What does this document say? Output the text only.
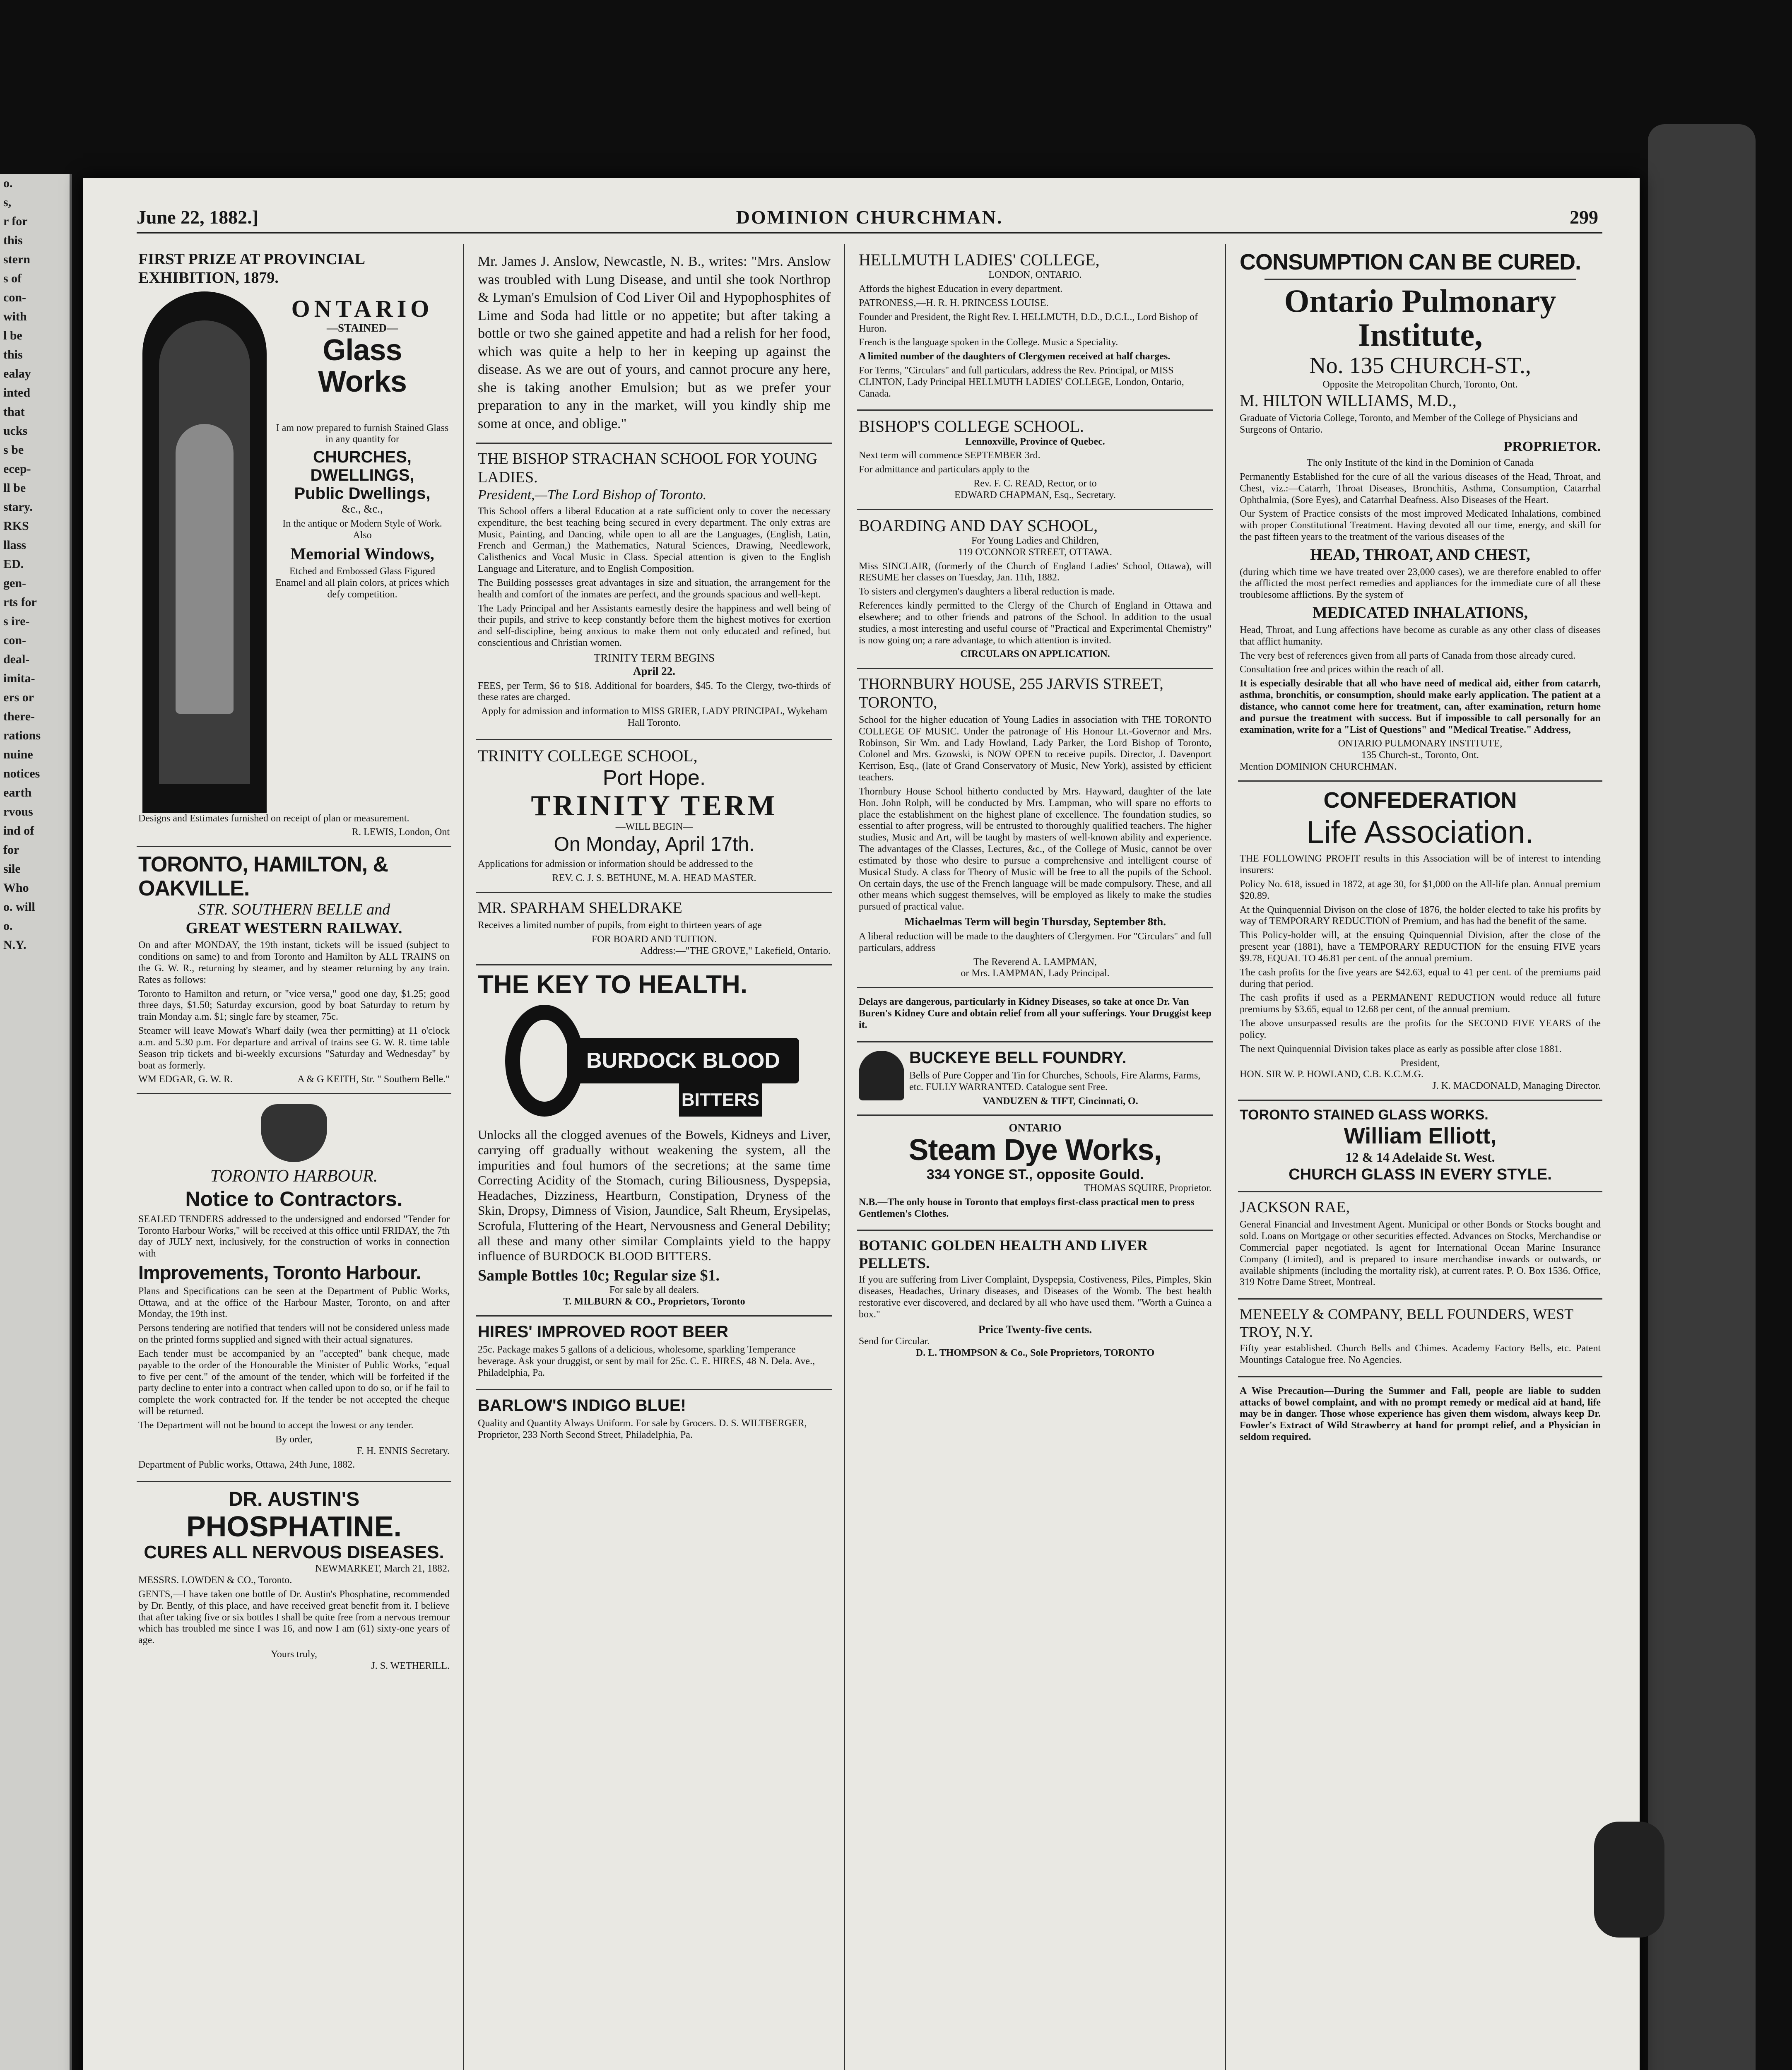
o.
s,
r for
this
stern
s of
con-
with
l be
this
ealay
inted
that
ucks
s be
ecep-
ll be
stary.
RKS
llass
ED.
gen-
rts for
s ire-
con-
deal-
imita-
ers or
there-
rations
nuine
notices
earth
rvous
ind of
for
sile
Who
o. will
o.
N.Y.
June 22, 1882.]	DOMINION CHURCHMAN.	299
FIRST PRIZE AT PROVINCIAL EXHIBITION, 1879.
ONTARIO
—STAINED—
Glass Works

I am now prepared to furnish Stained Glass in any quantity for

CHURCHES,
DWELLINGS,
Public Dwellings,
&c., &c.,

In the antique or Modern Style of Work. Also

Memorial Windows,

Etched and Embossed Glass Figured Enamel and all plain colors, at prices which defy competition.

Designs and Estimates furnished on receipt of plan or measurement.

R. LEWIS, London, Ont
TORONTO, HAMILTON, & OAKVILLE.
STR. SOUTHERN BELLE and
GREAT WESTERN RAILWAY.

On and after MONDAY, the 19th instant, tickets will be issued (subject to conditions on same) to and from Toronto and Hamilton by ALL TRAINS on the G. W. R., returning by steamer, and by steamer returning by any train. Rates as follows:

Toronto to Hamilton and return, or "vice versa," good one day, $1.25; good three days, $1.50; Saturday excursion, good by boat Saturday to return by train Monday a.m. $1; single fare by steamer, 75c.

Steamer will leave Mowat's Wharf daily (wea ther permitting) at 11 o'clock a.m. and 5.30 p.m. For departure and arrival of trains see G. W. R. time table Season trip tickets and bi-weekly excursions "Saturday and Wednesday" by boat as formerly.

WM EDGAR, G. W. R.	A & G KEITH, Str. " Southern Belle."
TORONTO HARBOUR.
Notice to Contractors.

SEALED TENDERS addressed to the undersigned and endorsed "Tender for Toronto Harbour Works," will be received at this office until FRIDAY, the 7th day of JULY next, inclusively, for the construction of works in connection with

Improvements, Toronto Harbour.

Plans and Specifications can be seen at the Department of Public Works, Ottawa, and at the office of the Harbour Master, Toronto, on and after Monday, the 19th inst.

Persons tendering are notified that tenders will not be considered unless made on the printed forms supplied and signed with their actual signatures.

Each tender must be accompanied by an "accepted" bank cheque, made payable to the order of the Honourable the Minister of Public Works, "equal to five per cent." of the amount of the tender, which will be forfeited if the party decline to enter into a contract when called upon to do so, or if he fail to complete the work contracted for. If the tender be not accepted the cheque will be returned.

The Department will not be bound to accept the lowest or any tender.

By order,
F. H. ENNIS Secretary.

Department of Public works, Ottawa, 24th June, 1882.

DR. AUSTIN'S
PHOSPHATINE.
CURES ALL NERVOUS DISEASES.
NEWMARKET, March 21, 1882.
MESSRS. LOWDEN & CO., Toronto.

GENTS,—I have taken one bottle of Dr. Austin's Phosphatine, recommended by Dr. Bently, of this place, and have received great benefit from it. I believe that after taking five or six bottles I shall be quite free from a nervous tremour which has troubled me since I was 16, and now I am (61) sixty-one years of age.

Yours truly,
J. S. WETHERILL.

Mr. James J. Anslow, Newcastle, N. B., writes: "Mrs. Anslow was troubled with Lung Disease, and until she took Northrop & Lyman's Emulsion of Cod Liver Oil and Hypophosphites of Lime and Soda had little or no appetite; but after taking a bottle or two she gained appetite and had a relish for her food, which was quite a help to her in keeping up against the disease. As we are out of yours, and cannot procure any here, she is taking another Emulsion; but as we prefer your preparation to any in the market, will you kindly ship me some at once, and oblige."

THE BISHOP STRACHAN SCHOOL FOR YOUNG LADIES.
President,—The Lord Bishop of Toronto.

This School offers a liberal Education at a rate sufficient only to cover the necessary expenditure, the best teaching being secured in every department. The only extras are Music, Painting, and Dancing, while open to all are the Languages, (English, Latin, French and German,) the Mathematics, Natural Sciences, Drawing, Needlework, Calisthenics and Vocal Music in Class. Special attention is given to the English Language and Literature, and to English Composition.

The Building possesses great advantages in size and situation, the arrangement for the health and comfort of the inmates are perfect, and the grounds spacious and well-kept.

The Lady Principal and her Assistants earnestly desire the happiness and well being of their pupils, and strive to keep constantly before them the highest motives for exertion and self-discipline, being anxious to make them not only educated and refined, but conscientious and Christian women.

TRINITY TERM BEGINS
April 22.

FEES, per Term, $6 to $18. Additional for boarders, $45. To the Clergy, two-thirds of these rates are charged.

Apply for admission and information to MISS GRIER, LADY PRINCIPAL, Wykeham Hall Toronto.

TRINITY COLLEGE SCHOOL,
Port Hope.
TRINITY TERM
—WILL BEGIN—
On Monday, April 17th.

Applications for admission or information should be addressed to the

REV. C. J. S. BETHUNE, M. A. HEAD MASTER.
MR. SPARHAM SHELDRAKE

Receives a limited number of pupils, from eight to thirteen years of age

FOR BOARD AND TUITION.
Address:—"THE GROVE," Lakefield, Ontario.
THE KEY TO HEALTH.
BURDOCK BLOOD
BITTERS

Unlocks all the clogged avenues of the Bowels, Kidneys and Liver, carrying off gradually without weakening the system, all the impurities and foul humors of the secretions; at the same time Correcting Acidity of the Stomach, curing Biliousness, Dyspepsia, Headaches, Dizziness, Heartburn, Constipation, Dryness of the Skin, Dropsy, Dimness of Vision, Jaundice, Salt Rheum, Erysipelas, Scrofula, Fluttering of the Heart, Nervousness and General Debility; all these and many other similar Complaints yield to the happy influence of BURDOCK BLOOD BITTERS.

Sample Bottles 10c; Regular size $1.
For sale by all dealers.
T. MILBURN & CO., Proprietors, Toronto
HIRES' IMPROVED ROOT BEER

25c. Package makes 5 gallons of a delicious, wholesome, sparkling Temperance beverage. Ask your druggist, or sent by mail for 25c. C. E. HIRES, 48 N. Dela. Ave., Philadelphia, Pa.

BARLOW'S INDIGO BLUE!

Quality and Quantity Always Uniform. For sale by Grocers. D. S. WILTBERGER, Proprietor, 233 North Second Street, Philadelphia, Pa.

HELLMUTH LADIES' COLLEGE,
LONDON, ONTARIO.

Affords the highest Education in every department.

PATRONESS,—H. R. H. PRINCESS LOUISE.

Founder and President, the Right Rev. I. HELLMUTH, D.D., D.C.L., Lord Bishop of Huron.

French is the language spoken in the College. Music a Speciality.

A limited number of the daughters of Clergymen received at half charges.

For Terms, "Circulars" and full particulars, address the Rev. Principal, or MISS CLINTON, Lady Principal HELLMUTH LADIES' COLLEGE, London, Ontario, Canada.

BISHOP'S COLLEGE SCHOOL.
Lennoxville, Province of Quebec.

Next term will commence SEPTEMBER 3rd.

For admittance and particulars apply to the

Rev. F. C. READ, Rector, or to
EDWARD CHAPMAN, Esq., Secretary.
BOARDING AND DAY SCHOOL,
For Young Ladies and Children,
119 O'CONNOR STREET, OTTAWA.

Miss SINCLAIR, (formerly of the Church of England Ladies' School, Ottawa), will RESUME her classes on Tuesday, Jan. 11th, 1882.

To sisters and clergymen's daughters a liberal reduction is made.

References kindly permitted to the Clergy of the Church of England in Ottawa and elsewhere; and to other friends and patrons of the School. In addition to the usual studies, a most interesting and useful course of "Practical and Experimental Chemistry" is now going on; a rare advantage, to which attention is invited.

CIRCULARS ON APPLICATION.
THORNBURY HOUSE, 255 JARVIS STREET, TORONTO,

School for the higher education of Young Ladies in association with THE TORONTO COLLEGE OF MUSIC. Under the patronage of His Honour Lt.-Governor and Mrs. Robinson, Sir Wm. and Lady Howland, Lady Parker, the Lord Bishop of Toronto, Colonel and Mrs. Gzowski, is NOW OPEN to receive pupils. Director, J. Davenport Kerrison, Esq., (late of Grand Conservatory of Music, New York), assisted by efficient teachers.

Thornbury House School hitherto conducted by Mrs. Hayward, daughter of the late Hon. John Rolph, will be conducted by Mrs. Lampman, who will spare no efforts to place the establishment on the highest plane of excellence. The foundation studies, so essential to after progress, will be entrusted to thoroughly qualified teachers. The higher studies, Music and Art, will be taught by masters of well-known ability and experience. The advantages of the Classes, Lectures, &c., of the College of Music, cannot be over estimated by those who desire to pursue a comprehensive and intelligent course of Musical Study. A class for Theory of Music will be free to all the pupils of the School. On certain days, the use of the French language will be made compulsory. These, and all other means which suggest themselves, will be employed as likely to make the studies pursued of practical value.

Michaelmas Term will begin Thursday, September 8th.

A liberal reduction will be made to the daughters of Clergymen. For "Circulars" and full particulars, address

The Reverend A. LAMPMAN,
or Mrs. LAMPMAN, Lady Principal.

Delays are dangerous, particularly in Kidney Diseases, so take at once Dr. Van Buren's Kidney Cure and obtain relief from all your sufferings. Your Druggist keep it.

BUCKEYE BELL FOUNDRY.

Bells of Pure Copper and Tin for Churches, Schools, Fire Alarms, Farms, etc. FULLY WARRANTED. Catalogue sent Free.

VANDUZEN & TIFT, Cincinnati, O.
ONTARIO
Steam Dye Works,
334 YONGE ST., opposite Gould.
THOMAS SQUIRE, Proprietor.

N.B.—The only house in Toronto that employs first-class practical men to press Gentlemen's Clothes.

BOTANIC GOLDEN HEALTH AND LIVER PELLETS.

If you are suffering from Liver Complaint, Dyspepsia, Costiveness, Piles, Pimples, Skin diseases, Headaches, Urinary diseases, and Diseases of the Womb. The best health restorative ever discovered, and declared by all who have used them. "Worth a Guinea a box."

Price Twenty-five cents.
Send for Circular.
D. L. THOMPSON & Co., Sole Proprietors, TORONTO
CONSUMPTION CAN BE CURED.
Ontario Pulmonary
Institute,
No. 135 CHURCH-ST.,
Opposite the Metropolitan Church, Toronto, Ont.
M. HILTON WILLIAMS, M.D.,

Graduate of Victoria College, Toronto, and Member of the College of Physicians and Surgeons of Ontario.

PROPRIETOR.

The only Institute of the kind in the Dominion of Canada

Permanently Established for the cure of all the various diseases of the Head, Throat, and Chest, viz.:—Catarrh, Throat Diseases, Bronchitis, Asthma, Consumption, Catarrhal Ophthalmia, (Sore Eyes), and Catarrhal Deafness. Also Diseases of the Heart.

Our System of Practice consists of the most improved Medicated Inhalations, combined with proper Constitutional Treatment. Having devoted all our time, energy, and skill for the past fifteen years to the treatment of the various diseases of the

HEAD, THROAT, AND CHEST,

(during which time we have treated over 23,000 cases), we are therefore enabled to offer the afflicted the most perfect remedies and appliances for the immediate cure of all these troublesome afflictions. By the system of

MEDICATED INHALATIONS,

Head, Throat, and Lung affections have become as curable as any other class of diseases that afflict humanity.

The very best of references given from all parts of Canada from those already cured.

Consultation free and prices within the reach of all.

It is especially desirable that all who have need of medical aid, either from catarrh, asthma, bronchitis, or consumption, should make early application. The patient at a distance, who cannot come here for treatment, can, after examination, return home and pursue the treatment with success. But if impossible to call personally for an examination, write for a "List of Questions" and "Medical Treatise." Address,

ONTARIO PULMONARY INSTITUTE,
135 Church-st., Toronto, Ont.
Mention DOMINION CHURCHMAN.
CONFEDERATION
Life Association.

THE FOLLOWING PROFIT results in this Association will be of interest to intending insurers:

Policy No. 618, issued in 1872, at age 30, for $1,000 on the All-life plan. Annual premium $20.89.

At the Quinquennial Divison on the close of 1876, the holder elected to take his profits by way of TEMPORARY REDUCTION of Premium, and has had the benefit of the same.

This Policy-holder will, at the ensuing Quinquennial Division, after the close of the present year (1881), have a TEMPORARY REDUCTION for the ensuing FIVE years $9.78, EQUAL TO 46.81 per cent. of the annual premium.

The cash profits for the five years are $42.63, equal to 41 per cent. of the premiums paid during that period.

The cash profits if used as a PERMANENT REDUCTION would reduce all future premiums by $3.65, equal to 12.68 per cent, of the annual premium.

The above unsurpassed results are the profits for the SECOND FIVE YEARS of the policy.

The next Quinquennial Division takes place as early as possible after close 1881.

President,
HON. SIR W. P. HOWLAND, C.B. K.C.M.G.
J. K. MACDONALD, Managing Director.
TORONTO STAINED GLASS WORKS.
William Elliott,
12 & 14 Adelaide St. West.
CHURCH GLASS IN EVERY STYLE.
JACKSON RAE,

General Financial and Investment Agent. Municipal or other Bonds or Stocks bought and sold. Loans on Mortgage or other securities effected. Advances on Stocks, Merchandise or Commercial paper negotiated. Is agent for International Ocean Marine Insurance Company (Limited), and is prepared to insure merchandise inwards or outwards, or available shipments (including the mortality risk), at current rates. P. O. Box 1536. Office, 319 Notre Dame Street, Montreal.

MENEELY & COMPANY, BELL FOUNDERS, WEST TROY, N.Y.

Fifty year established. Church Bells and Chimes. Academy Factory Bells, etc. Patent Mountings Catalogue free. No Agencies.

A Wise Precaution—During the Summer and Fall, people are liable to sudden attacks of bowel complaint, and with no prompt remedy or medical aid at hand, life may be in danger. Those whose experience has given them wisdom, always keep Dr. Fowler's Extract of Wild Strawberry at hand for prompt relief, and a Physician in seldom required.
